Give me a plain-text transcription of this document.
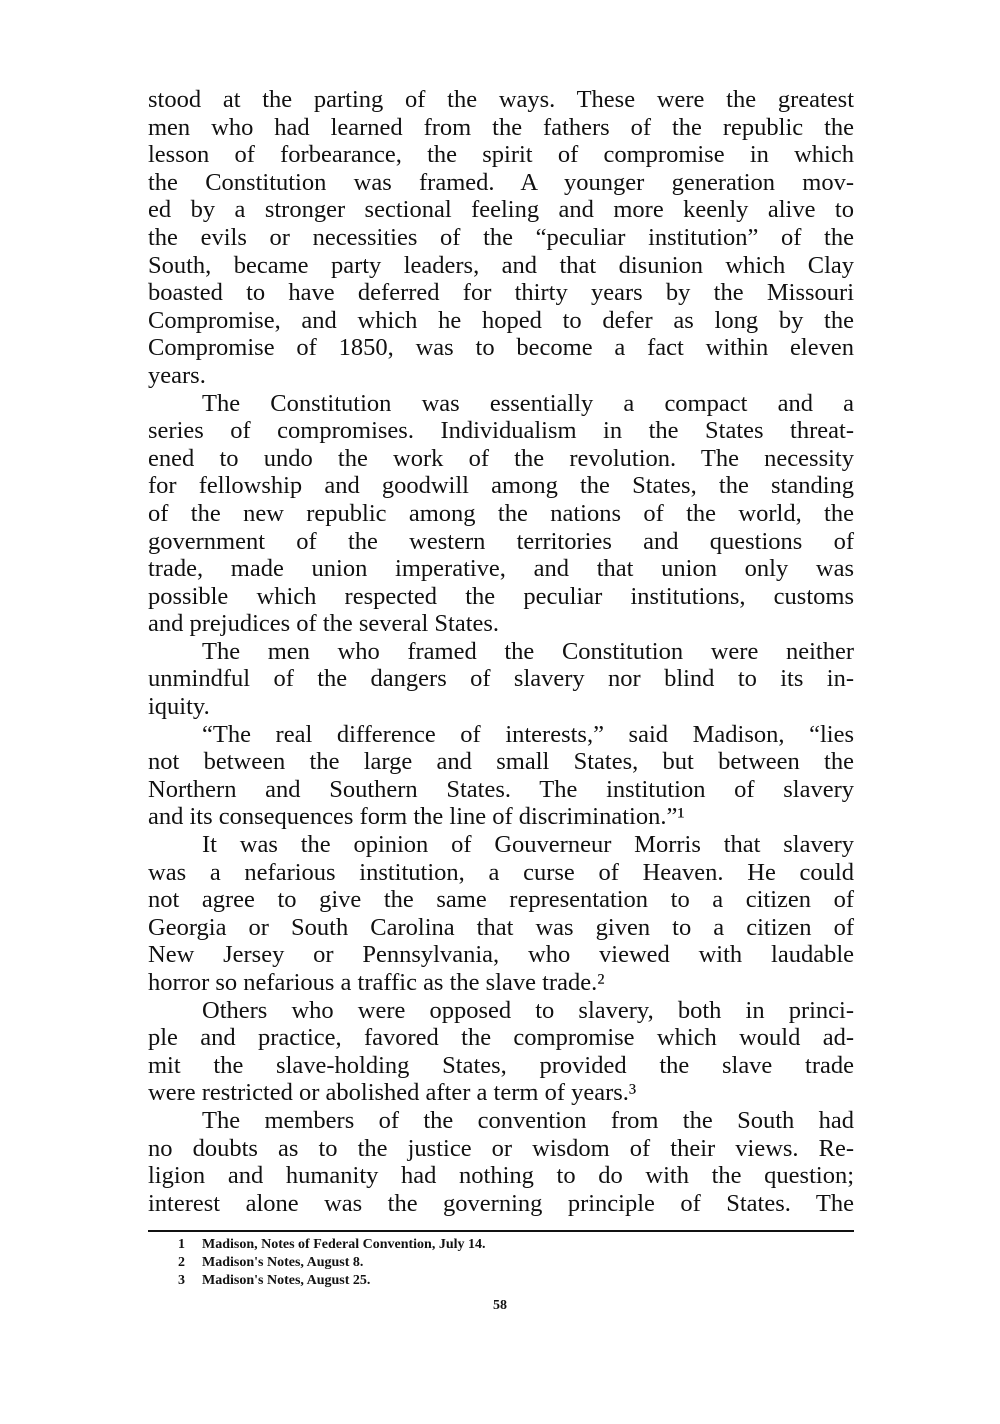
stood at the parting of the ways. These were the greatest
men who had learned from the fathers of the republic the
lesson of forbearance, the spirit of compromise in which
the Constitution was framed. A younger generation mov-
ed by a stronger sectional feeling and more keenly alive to
the evils or necessities of the “peculiar institution” of the
South, became party leaders, and that disunion which Clay
boasted to have deferred for thirty years by the Missouri
Compromise, and which he hoped to defer as long by the
Compromise of 1850, was to become a fact within eleven
years.
The Constitution was essentially a compact and a
series of compromises. Individualism in the States threat-
ened to undo the work of the revolution. The necessity
for fellowship and goodwill among the States, the standing
of the new republic among the nations of the world, the
government of the western territories and questions of
trade, made union imperative, and that union only was
possible which respected the peculiar institutions, customs
and prejudices of the several States.
The men who framed the Constitution were neither
unmindful of the dangers of slavery nor blind to its in-
iquity.
“The real difference of interests,” said Madison, “lies
not between the large and small States, but between the
Northern and Southern States. The institution of slavery
and its consequences form the line of discrimination.”¹
It was the opinion of Gouverneur Morris that slavery
was a nefarious institution, a curse of Heaven. He could
not agree to give the same representation to a citizen of
Georgia or South Carolina that was given to a citizen of
New Jersey or Pennsylvania, who viewed with laudable
horror so nefarious a traffic as the slave trade.²
Others who were opposed to slavery, both in princi-
ple and practice, favored the compromise which would ad-
mit the slave-holding States, provided the slave trade
were restricted or abolished after a term of years.³
The members of the convention from the South had
no doubts as to the justice or wisdom of their views. Re-
ligion and humanity had nothing to do with the question;
interest alone was the governing principle of States. The
1 Madison, Notes of Federal Convention, July 14.
2 Madison's Notes, August 8.
3 Madison's Notes, August 25.
58
